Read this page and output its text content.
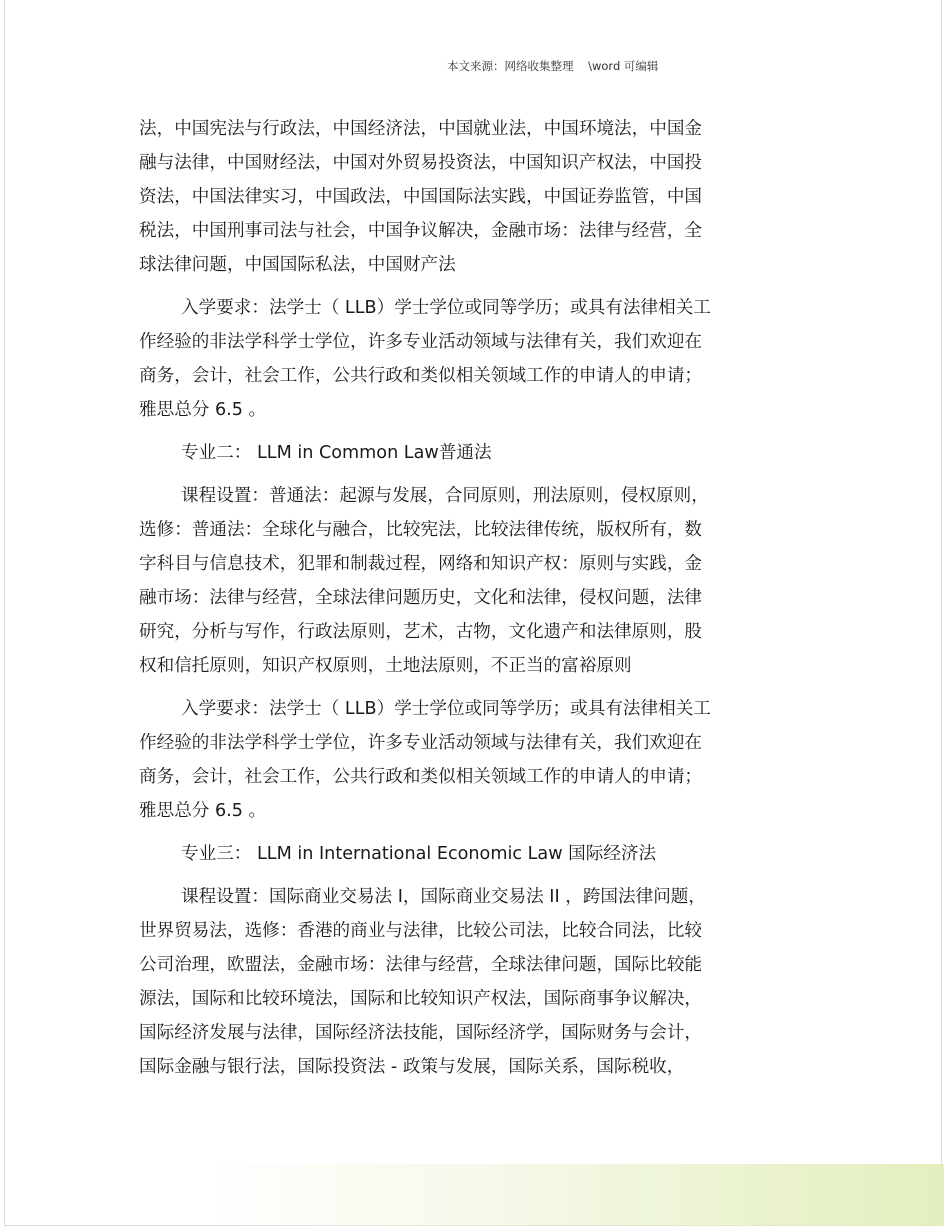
本文来源：网络收集整理    \word 可编辑

法，中国宪法与行政法，中国经济法，中国就业法，中国环境法，中国金
融与法律，中国财经法，中国对外贸易投资法，中国知识产权法，中国投
资法，中国法律实习，中国政法，中国国际法实践，中国证券监管，中国
税法，中国刑事司法与社会，中国争议解决，金融市场：法律与经营，全
球法律问题，中国国际私法，中国财产法

入学要求：法学士（ LLB）学士学位或同等学历；或具有法律相关工
作经验的非法学科学士学位，许多专业活动领域与法律有关，我们欢迎在
商务，会计，社会工作，公共行政和类似相关领域工作的申请人的申请；
雅思总分 6.5 。

专业二： LLM in Common Law普通法

课程设置：普通法：起源与发展，合同原则，刑法原则，侵权原则，
选修：普通法：全球化与融合，比较宪法，比较法律传统，版权所有，数
字科目与信息技术，犯罪和制裁过程，网络和知识产权：原则与实践，金
融市场：法律与经营，全球法律问题历史，文化和法律，侵权问题，法律
研究，分析与写作，行政法原则，艺术，古物，文化遗产和法律原则，股
权和信托原则，知识产权原则，土地法原则，不正当的富裕原则

入学要求：法学士（ LLB）学士学位或同等学历；或具有法律相关工
作经验的非法学科学士学位，许多专业活动领域与法律有关，我们欢迎在
商务，会计，社会工作，公共行政和类似相关领域工作的申请人的申请；
雅思总分 6.5 。

专业三： LLM in International Economic Law 国际经济法

课程设置：国际商业交易法 I，国际商业交易法 II ，跨国法律问题，
世界贸易法，选修：香港的商业与法律，比较公司法，比较合同法，比较
公司治理，欧盟法，金融市场：法律与经营，全球法律问题，国际比较能
源法，国际和比较环境法，国际和比较知识产权法，国际商事争议解决，
国际经济发展与法律，国际经济法技能，国际经济学，国际财务与会计，
国际金融与银行法，国际投资法 - 政策与发展，国际关系，国际税收，
